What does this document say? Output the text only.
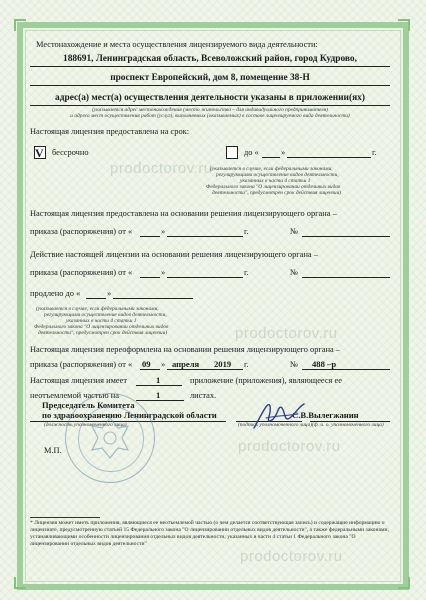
prodoctorov.ru
prodoctorov.ru
prodoctorov.ru
prodoctorov.ru
Местонахождение и места осуществления лицензируемого вида деятельности:
188691, Ленинградская область, Всеволожский район, город Кудрово,
проспект Европейский, дом 8, помещение 38-Н
адрес(а) мест(а) осуществления деятельности указаны в приложении(ях)
(указывается адрес местонахождения (место жительства – для индивидуального предпринимателя)
и адреса мест осуществления работ (услуг), выполняемых (оказываемых) в составе лицензируемого вида деятельности)
Настоящая лицензия предоставлена на срок:
V бессрочно	до «	»	г.
(указывается в случае, если федеральными законами,
регулирующими осуществление видов деятельности,
указанных в части 4 статьи 1
Федерального закона "О лицензировании отдельных видов
деятельности", предусмотрен срок действия лицензии)
Настоящая лицензия предоставлена на основании решения лицензирующего органа –
приказа (распоряжения) от «	»	г.	№
Действие настоящей лицензии на основании решения лицензирующего органа –
приказа (распоряжения) от «	»	г.	№
продлено до «	»
(указывается в случае, если федеральными законами,
регулирующими осуществление видов деятельности,
указанных в части 4 статьи 1
Федерального закона "О лицензировании отдельных видов
деятельности", предусмотрен срок действия лицензии)
Настоящая лицензия переоформлена на основании решения лицензирующего органа –
приказа (распоряжения) от « 09 » апреля 2019 г.	№ 488 –р
Настоящая лицензия имеет	1	приложение (приложения), являющееся ее
неотъемлемой частью на	1	листах.
Председатель Комитета
по здравоохранению Ленинградской области
(должность уполномоченного лица)	(подпись уполномоченного лица)
С.В.Вылегжанин
(ф. и. о. уполномоченного лица)
М.П.
* Лицензия может иметь приложения, являющиеся ее неотъемлемой частью (о чем делается соответствующая запись) и содержащие информацию о лицензиате, предусмотренную статьей 15 Федерального закона "О лицензировании отдельных видов деятельности", а также федеральными законами, устанавливающими особенности лицензирования отдельных видов деятельности, указанных в части 4 статьи 1 Федерального закона "О лицензировании отдельных видов деятельности"
